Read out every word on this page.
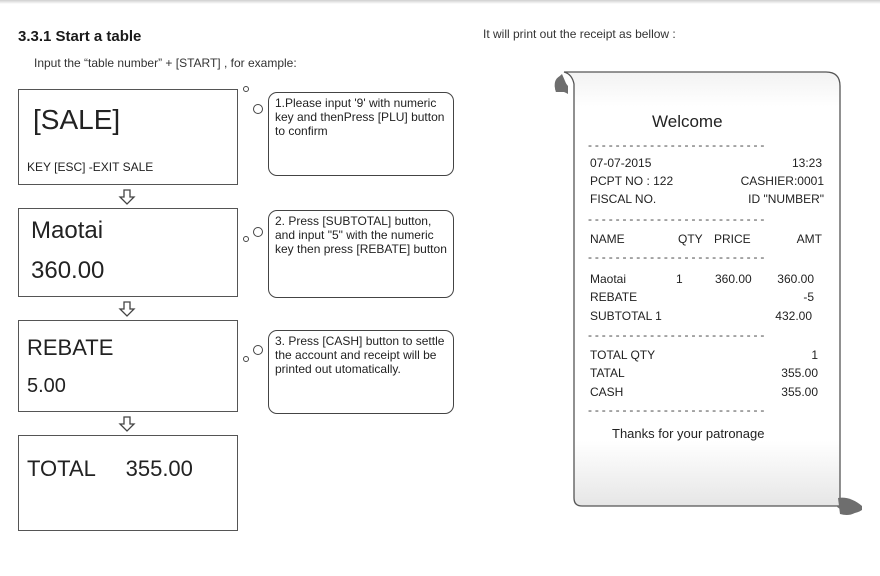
3.3.1 Start a table
Input the “table number” + [START] , for example:
It will print out the receipt as bellow :
[SALE]
KEY [ESC] -EXIT SALE
Maotai
360.00
REBATE
5.00
TOTAL     355.00
1.Please input '9' with numeric key and thenPress [PLU] button to confirm
2. Press [SUBTOTAL] button, and input "5" with the numeric key then press [REBATE] button
3. Press [CASH] button to settle the account and receipt will be printed out utomatically.
Welcome
--------------------------
07-07-2015	13:23
PCPT NO : 122	CASHIER:0001
FISCAL NO.	ID "NUMBER"
--------------------------
NAME	QTY PRICE	AMT
--------------------------
Maotai	1	360.00	360.00
REBATE	-5
SUBTOTAL 1	432.00
--------------------------
TOTAL QTY	1
TATAL	355.00
CASH	355.00
--------------------------
Thanks for your patronage
